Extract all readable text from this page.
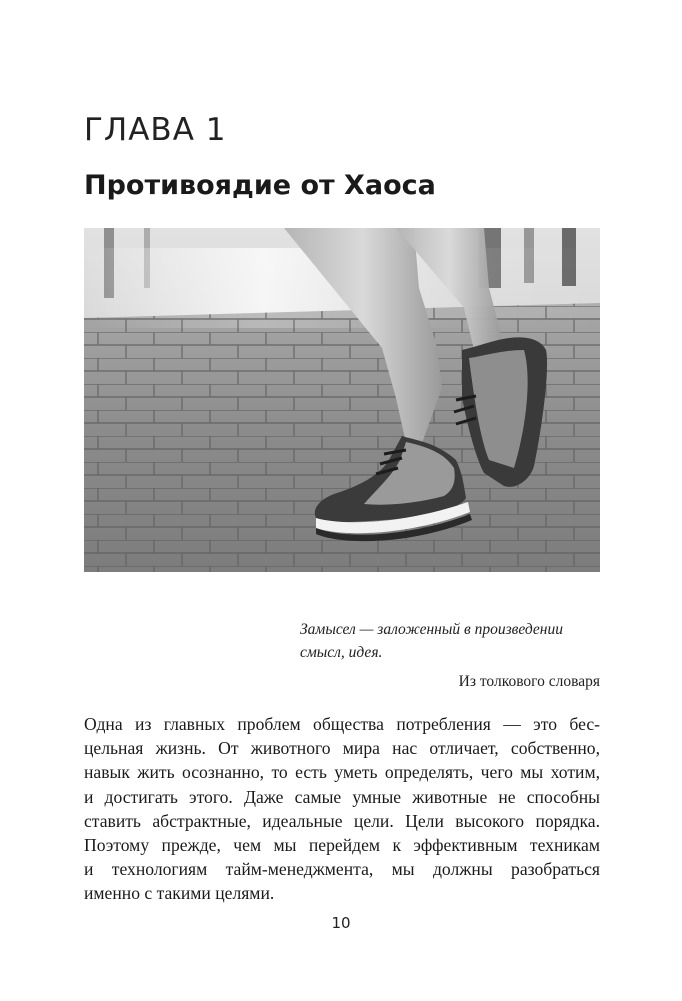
ГЛАВА 1
Противоядие от Хаоса

Замысел — заложенный в произведении
смысл, идея.

Из толкового словаря

Одна из главных проблем общества потребления — это бес-
цельная жизнь. От животного мира нас отличает, собственно,
навык жить осознанно, то есть уметь определять, чего мы хотим,
и достигать этого. Даже самые умные животные не способны
ставить абстрактные, идеальные цели. Цели высокого порядка.
Поэтому прежде, чем мы перейдем к эффективным техникам
и технологиям тайм-менеджмента, мы должны разобраться
именно с такими целями.

10
